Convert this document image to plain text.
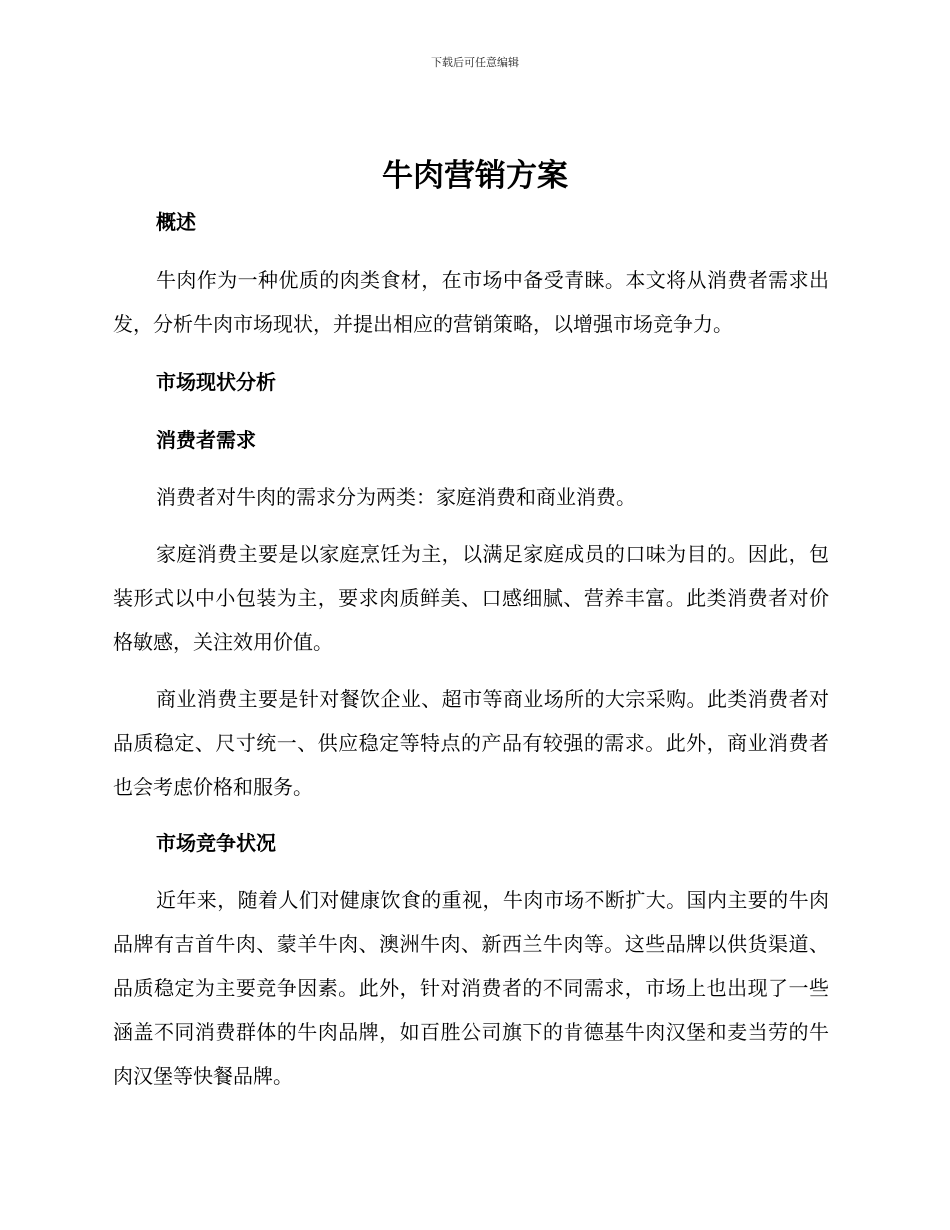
下载后可任意编辑
牛肉营销方案
概述

牛肉作为一种优质的肉类食材，在市场中备受青睐。本文将从消费者需求出发，分析牛肉市场现状，并提出相应的营销策略，以增强市场竞争力。

市场现状分析
消费者需求

消费者对牛肉的需求分为两类：家庭消费和商业消费。

家庭消费主要是以家庭烹饪为主，以满足家庭成员的口味为目的。因此，包装形式以中小包装为主，要求肉质鲜美、口感细腻、营养丰富。此类消费者对价格敏感，关注效用价值。

商业消费主要是针对餐饮企业、超市等商业场所的大宗采购。此类消费者对品质稳定、尺寸统一、供应稳定等特点的产品有较强的需求。此外，商业消费者也会考虑价格和服务。

市场竞争状况

近年来，随着人们对健康饮食的重视，牛肉市场不断扩大。国内主要的牛肉品牌有吉首牛肉、蒙羊牛肉、澳洲牛肉、新西兰牛肉等。这些品牌以供货渠道、品质稳定为主要竞争因素。此外，针对消费者的不同需求，市场上也出现了一些涵盖不同消费群体的牛肉品牌，如百胜公司旗下的肯德基牛肉汉堡和麦当劳的牛肉汉堡等快餐品牌。
